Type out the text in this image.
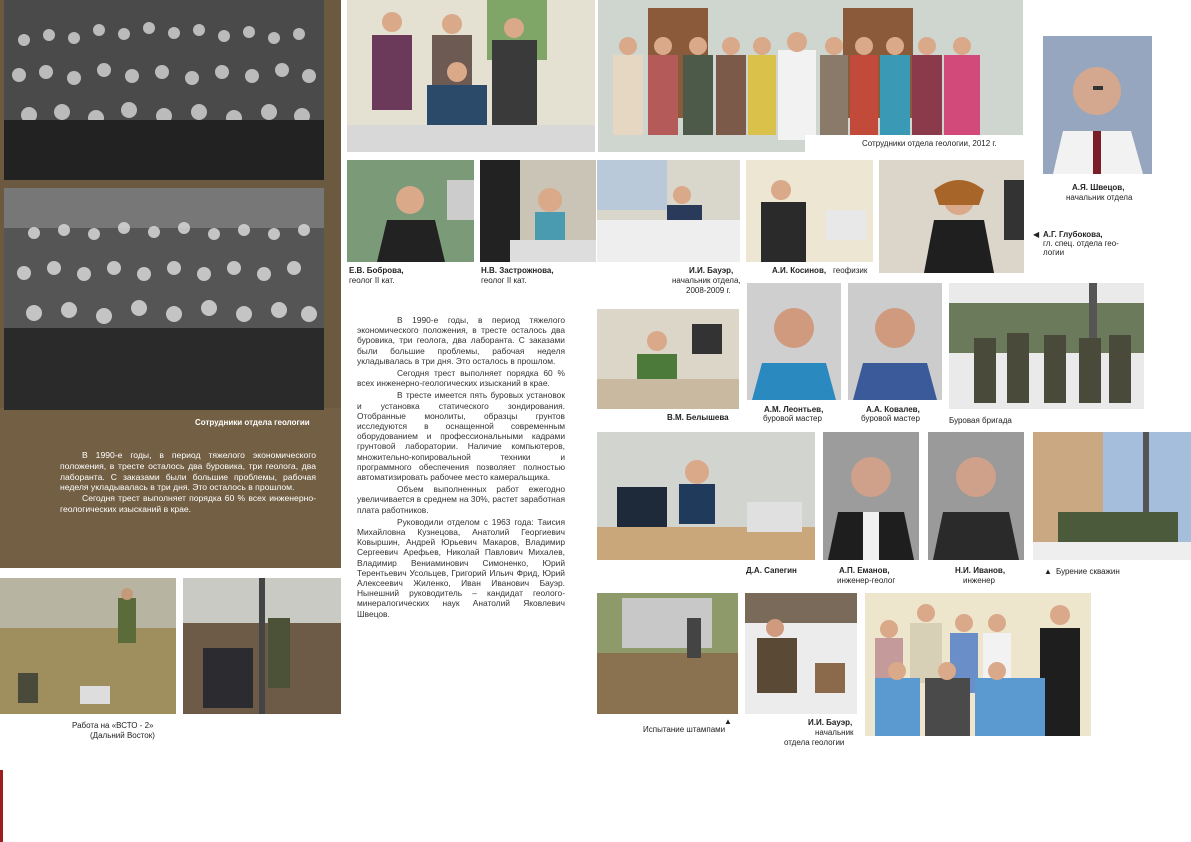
Сотрудники отдела геологии

В 1990-е годы, в период тяжелого экономического положения, в тресте осталось два буровика, три геолога, два лаборанта. С заказами были большие проблемы, рабочая неделя укладывалась в три дня. Это осталось в прошлом.

Сегодня трест выполняет порядка 60 % всех инженерно-геологических изысканий в крае.

Работа на «ВСТО - 2»
(Дальний Восток)
Сотрудники отдела геологии, 2012 г.
А.Я. Швецов,
начальник отдела
◀ А.Г. Глубокова,
гл. спец. отдела гео-
логии
Е.В. Боброва,
геолог II кат.
Н.В. Застрожнова,
геолог II кат.
И.И. Бауэр,
начальник отдела,
2008-2009 г.
А.И. Косинов, геофизик

В 1990-е годы, в период тяжелого экономического положения, в тресте осталось два буровика, три геолога, два лаборанта. С заказами были большие проблемы, рабочая неделя укладывалась в три дня. Это осталось в прошлом.

Сегодня трест выполняет порядка 60 % всех инженерно-геологических изысканий в крае.

В тресте имеется пять буровых установок и установка статического зондирования. Отобранные монолиты, образцы грунтов исследуются в оснащенной современным оборудованием и профессиональными кадрами грунтовой лаборатории. Наличие компьютеров, множительно-копировальной техники и программного обеспечения позволяет полностью автоматизировать рабочее место камеральщика.

Объем выполненных работ ежегодно увеличивается в среднем на 30%, растет заработная плата работников.

Руководили отделом с 1963 года: Таисия Михайловна Кузнецова, Анатолий Георгиевич Ковыршин, Андрей Юрьевич Макаров, Владимир Сергеевич Арефьев, Николай Павлович Михалев, Владимир Вениаминович Симоненко, Юрий Терентьевич Усольцев, Григорий Ильич Фрид, Юрий Алексеевич Жиленко, Иван Иванович Бауэр. Нынешний руководитель – кандидат геолого-минералогических наук Анатолий Яковлевич Швецов.

В.М. Белышева
А.М. Леонтьев,
буровой мастер
А.А. Ковалев,
буровой мастер	Буровая бригада
Д.А. Сапегин	А.П. Еманов,
инженер-геолог
Н.И. Иванов,
инженер
▲ Бурение скважин
Испытание штампами
▲	И.И. Бауэр,
начальник
отдела геологии
